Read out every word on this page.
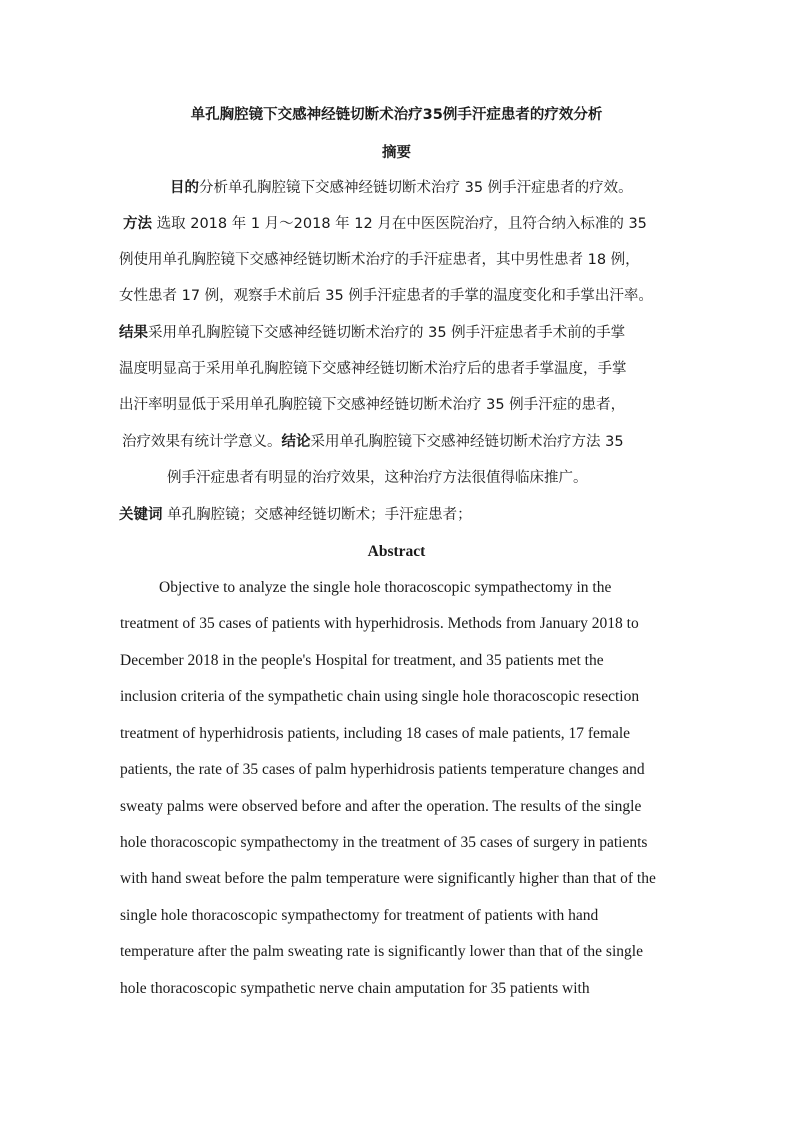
单孔胸腔镜下交感神经链切断术治疗35例手汗症患者的疗效分析
摘要
目的分析单孔胸腔镜下交感神经链切断术治疗 35 例手汗症患者的疗效。
方法 选取 2018 年 1 月～2018 年 12 月在中医医院治疗，且符合纳入标准的 35
例使用单孔胸腔镜下交感神经链切断术治疗的手汗症患者，其中男性患者 18 例，
女性患者 17 例，观察手术前后 35 例手汗症患者的手掌的温度变化和手掌出汗率。
结果采用单孔胸腔镜下交感神经链切断术治疗的 35 例手汗症患者手术前的手掌
温度明显高于采用单孔胸腔镜下交感神经链切断术治疗后的患者手掌温度，手掌
出汗率明显低于采用单孔胸腔镜下交感神经链切断术治疗 35 例手汗症的患者，
治疗效果有统计学意义。结论采用单孔胸腔镜下交感神经链切断术治疗方法 35
例手汗症患者有明显的治疗效果，这种治疗方法很值得临床推广。
关键词 单孔胸腔镜；交感神经链切断术；手汗症患者；
Abstract
Objective to analyze the single hole thoracoscopic sympathectomy in the
treatment of 35 cases of patients with hyperhidrosis. Methods from January 2018 to
December 2018 in the people's Hospital for treatment, and 35 patients met the
inclusion criteria of the sympathetic chain using single hole thoracoscopic resection
treatment of hyperhidrosis patients, including 18 cases of male patients, 17 female
patients, the rate of 35 cases of palm hyperhidrosis patients temperature changes and
sweaty palms were observed before and after the operation. The results of the single
hole thoracoscopic sympathectomy in the treatment of 35 cases of surgery in patients
with hand sweat before the palm temperature were significantly higher than that of the
single hole thoracoscopic sympathectomy for treatment of patients with hand
temperature after the palm sweating rate is significantly lower than that of the single
hole thoracoscopic sympathetic nerve chain amputation for 35 patients with
